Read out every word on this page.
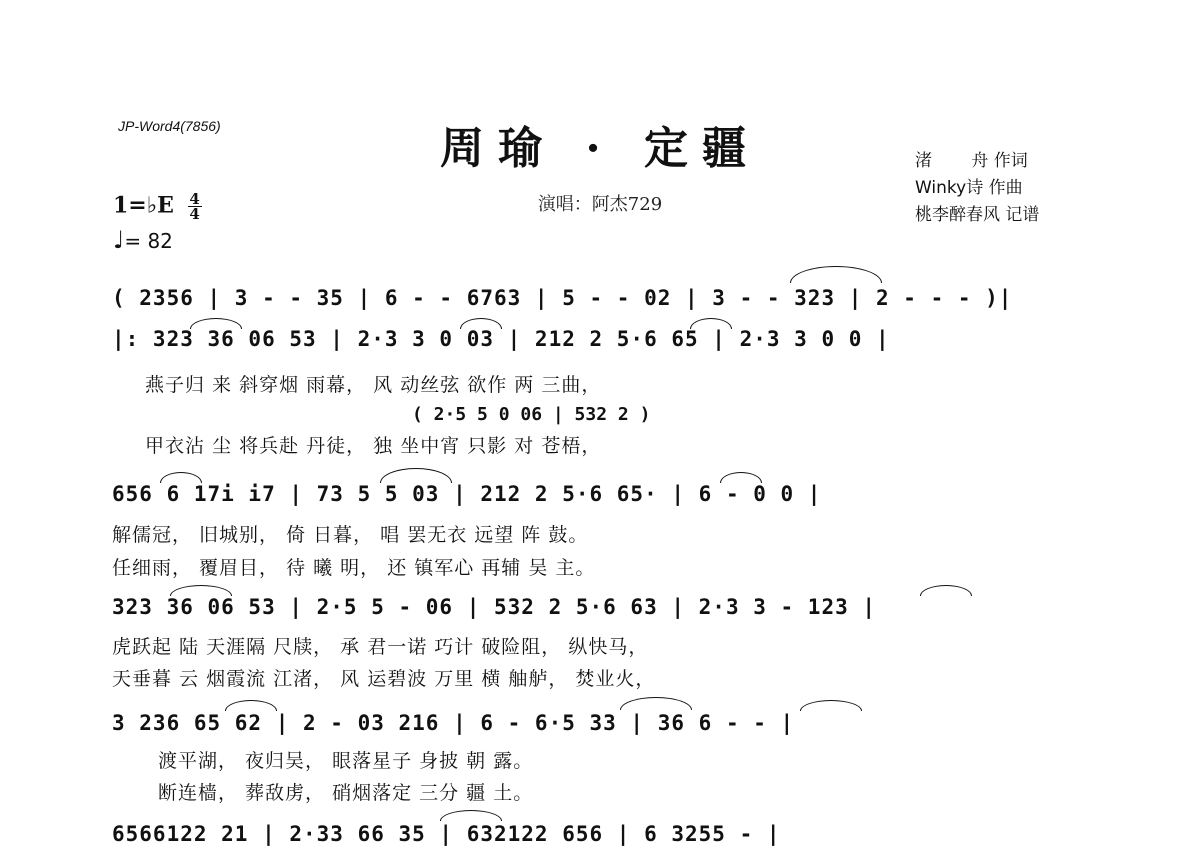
JP-Word4(7856)	周瑜 · 定疆
演唱：阿杰729
渚　　 舟 作词
Winky诗 作曲
桃李醉春风 记谱
1=♭E $\frac{4}{4}$
♩= 82
( 2356 | 3 - - 35 | 6 - - 6763 | 5 - - 02 | 3 - - 323 | 2 - - - )|
|: 323 36 06 53 | 2·3 3 0 03 | 212 2 5·6 65 | 2·3 3 0 0 |
燕子归 来 斜穿烟 雨幕， 风 动丝弦 欲作 两 三曲，
( 2·5 5 0 06 | 532 2 )
甲衣沾 尘 将兵赴 丹徒， 独 坐中宵 只影 对 苍梧，
656 6 17i i7 | 73 5 5 03 | 212 2 5·6 65· | 6 - 0 0 |
解儒冠， 旧城别， 倚 日暮， 唱 罢无衣 远望 阵 鼓。
任细雨， 覆眉目， 待 曦 明， 还 镇军心 再辅 吴 主。
323 36 06 53 | 2·5 5 - 06 | 532 2 5·6 63 | 2·3 3 - 123 |
虎跃起 陆 天涯隔 尺牍， 承 君一诺 巧计 破险阻， 纵快马，
天垂暮 云 烟霞流 江渚， 风 运碧波 万里 横 舳舻， 焚业火，
3 236 65 62 | 2 - 03 216 | 6 - 6·5 33 | 36 6 - - |
渡平湖， 夜归吴， 眼落星子 身披 朝 露。
断连樯， 葬敌虏， 硝烟落定 三分 疆 土。
6566122 21 | 2·33 66 35 | 632122 656 | 6 3255 - |
